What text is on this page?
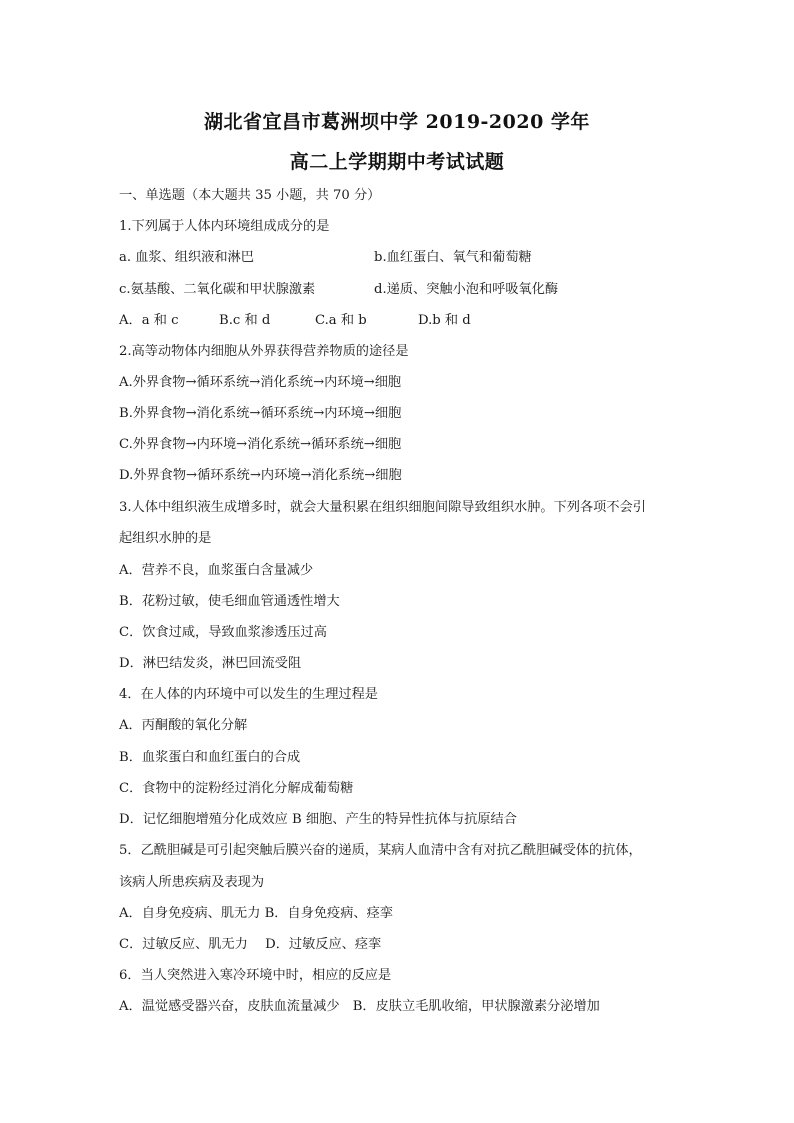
湖北省宜昌市葛洲坝中学 2019-2020 学年
高二上学期期中考试试题
一、单选题（本大题共 35 小题，共 70 分）
1.下列属于人体内环境组成成分的是
a. 血浆、组织液和淋巴	b.血红蛋白、氧气和葡萄糖
c.氨基酸、二氧化碳和甲状腺激素	d.递质、突触小泡和呼吸氧化酶
A．a 和 c	B.c 和 d	C.a 和 b	D.b 和 d
2.高等动物体内细胞从外界获得营养物质的途径是
A.外界食物→循环系统→消化系统→内环境→细胞
B.外界食物→消化系统→循环系统→内环境→细胞
C.外界食物→内环境→消化系统→循环系统→细胞
D.外界食物→循环系统→内环境→消化系统→细胞
3.人体中组织液生成增多时，就会大量积累在组织细胞间隙导致组织水肿。下列各项不会引
起组织水肿的是
A．营养不良，血浆蛋白含量减少
B．花粉过敏，使毛细血管通透性增大
C．饮食过咸，导致血浆渗透压过高
D．淋巴结发炎，淋巴回流受阻
4．在人体的内环境中可以发生的生理过程是
A．丙酮酸的氧化分解
B．血浆蛋白和血红蛋白的合成
C．食物中的淀粉经过消化分解成葡萄糖
D．记忆细胞增殖分化成效应 B 细胞、产生的特异性抗体与抗原结合
5．乙酰胆碱是可引起突触后膜兴奋的递质，某病人血清中含有对抗乙酰胆碱受体的抗体，
该病人所患疾病及表现为
A．自身免疫病、肌无力 B．自身免疫病、痉挛
C．过敏反应、肌无力　 D．过敏反应、痉挛
6．当人突然进入寒冷环境中时，相应的反应是
A．温觉感受器兴奋，皮肤血流量减少　B．皮肤立毛肌收缩，甲状腺激素分泌增加
